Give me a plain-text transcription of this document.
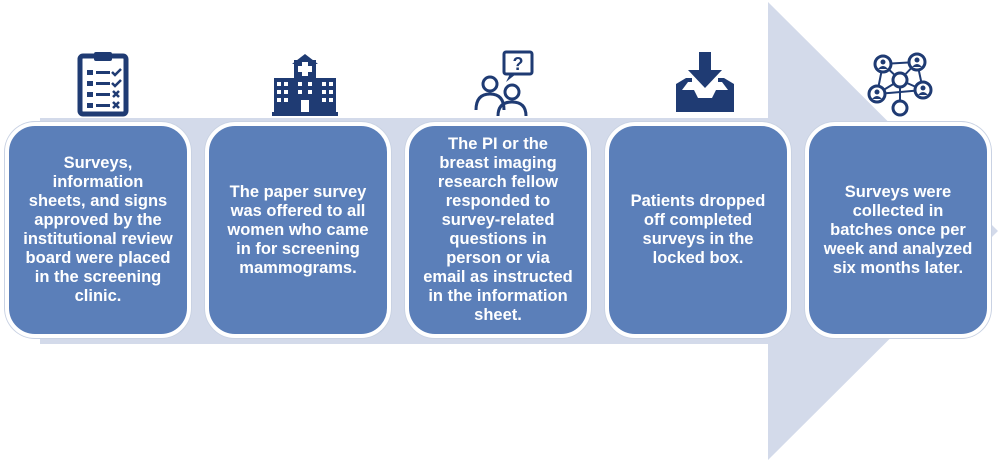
?
Surveys, information sheets, and signs approved by the institutional review board were placed in the screening clinic.
The paper survey was offered to all women who came in for screening mammograms.
The PI or the breast imaging research fellow responded to survey-related questions in person or via email as instructed in the information sheet.
Patients dropped off completed surveys in the locked box.
Surveys were collected in batches once per week and analyzed six months later.
